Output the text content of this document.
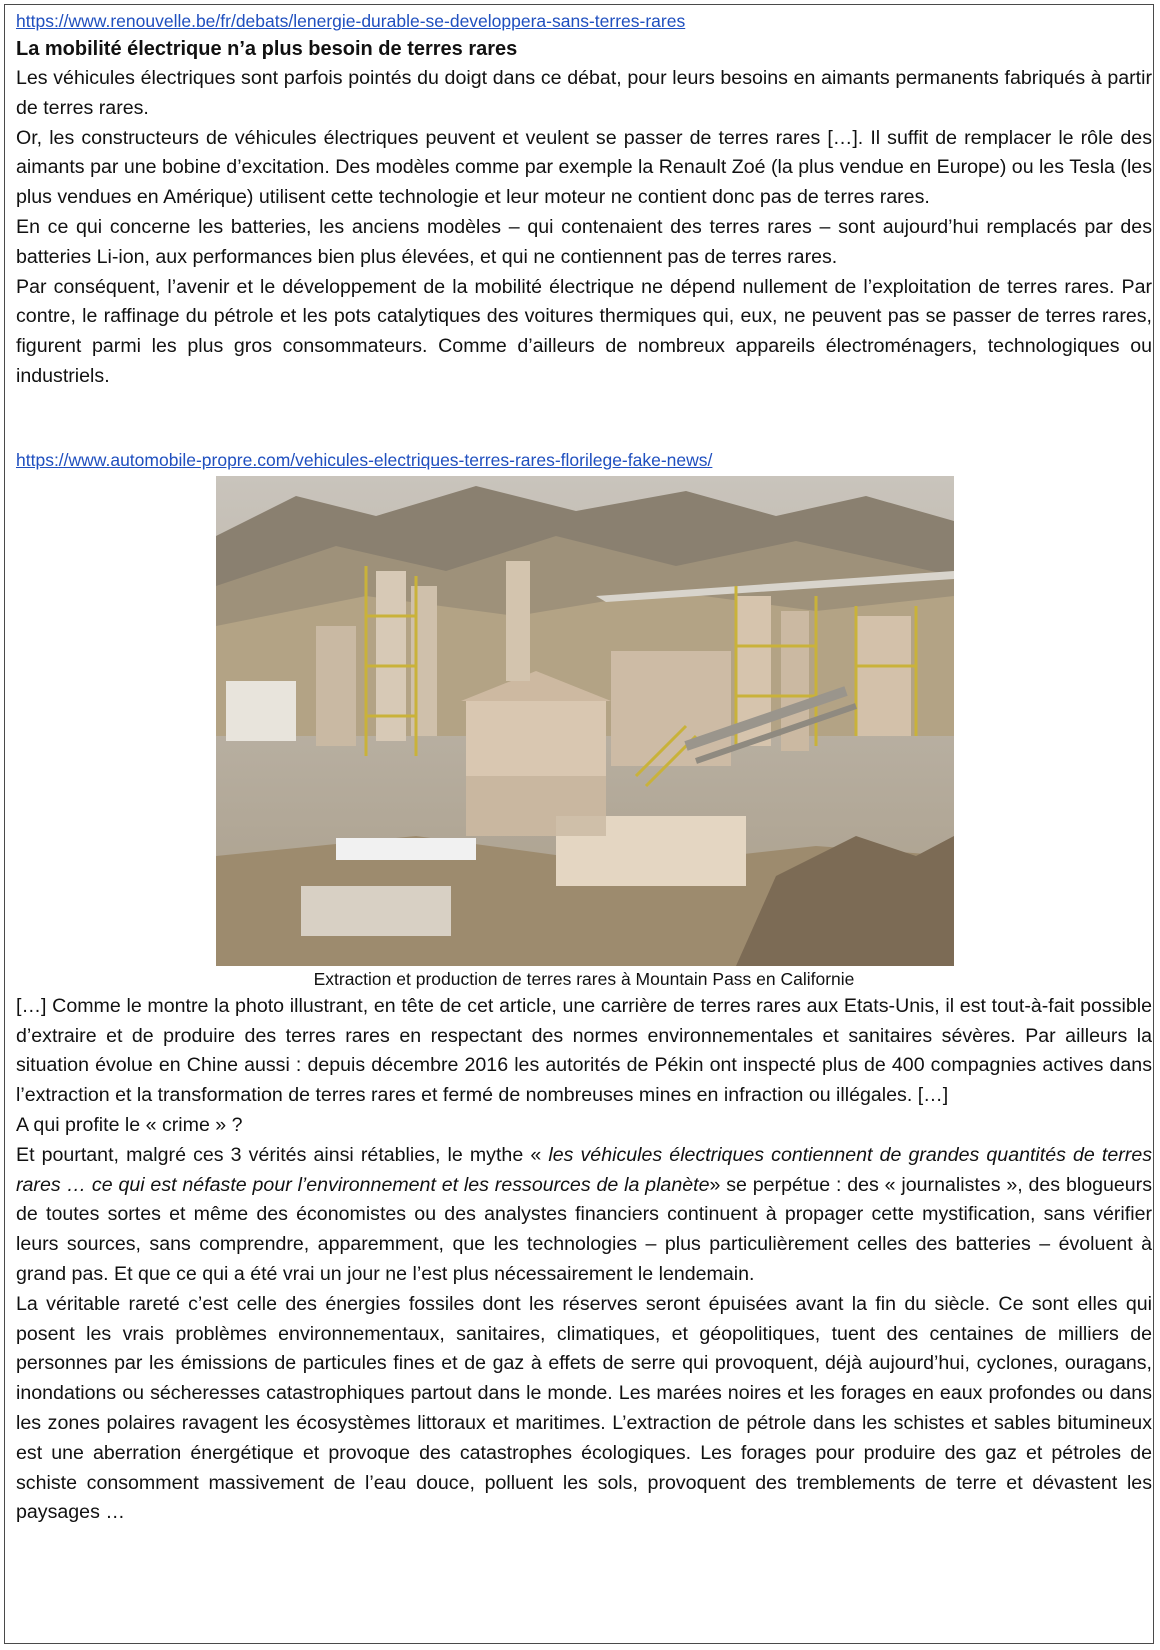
https://www.renouvelle.be/fr/debats/lenergie-durable-se-developpera-sans-terres-rares
La mobilité électrique n’a plus besoin de terres rares

Les véhicules électriques sont parfois pointés du doigt dans ce débat, pour leurs besoins en aimants permanents fabriqués à partir de terres rares.

Or, les constructeurs de véhicules électriques peuvent et veulent se passer de terres rares […]. Il suffit de remplacer le rôle des aimants par une bobine d’excitation. Des modèles comme par exemple la Renault Zoé (la plus vendue en Europe) ou les Tesla (les plus vendues en Amérique) utilisent cette technologie et leur moteur ne contient donc pas de terres rares.

En ce qui concerne les batteries, les anciens modèles – qui contenaient des terres rares – sont aujourd’hui remplacés par des batteries Li-ion, aux performances bien plus élevées, et qui ne contiennent pas de terres rares.

Par conséquent, l’avenir et le développement de la mobilité électrique ne dépend nullement de l’exploitation de terres rares. Par contre, le raffinage du pétrole et les pots catalytiques des voitures thermiques qui, eux, ne peuvent pas se passer de terres rares, figurent parmi les plus gros consommateurs. Comme d’ailleurs de nombreux appareils électroménagers, technologiques ou industriels.

https://www.automobile-propre.com/vehicules-electriques-terres-rares-florilege-fake-news/

Extraction et production de terres rares à Mountain Pass en Californie

[…] Comme le montre la photo illustrant, en tête de cet article, une carrière de terres rares aux Etats-Unis, il est tout-à-fait possible d’extraire et de produire des terres rares en respectant des normes environnementales et sanitaires sévères. Par ailleurs la situation évolue en Chine aussi : depuis décembre 2016 les autorités de Pékin ont inspecté plus de 400 compagnies actives dans l’extraction et la transformation de terres rares et fermé de nombreuses mines en infraction ou illégales. […]

A qui profite le « crime » ?

Et pourtant, malgré ces 3 vérités ainsi rétablies, le mythe « les véhicules électriques contiennent de grandes quantités de terres rares … ce qui est néfaste pour l’environnement et les ressources de la planète» se perpétue : des « journalistes », des blogueurs de toutes sortes et même des économistes ou des analystes financiers continuent à propager cette mystification, sans vérifier leurs sources, sans comprendre, apparemment, que les technologies – plus particulièrement celles des batteries – évoluent à grand pas. Et que ce qui a été vrai un jour ne l’est plus nécessairement le lendemain.

La véritable rareté c’est celle des énergies fossiles dont les réserves seront épuisées avant la fin du siècle. Ce sont elles qui posent les vrais problèmes environnementaux, sanitaires, climatiques, et géopolitiques, tuent des centaines de milliers de personnes par les émissions de particules fines et de gaz à effets de serre qui provoquent, déjà aujourd’hui, cyclones, ouragans, inondations ou sécheresses catastrophiques partout dans le monde. Les marées noires et les forages en eaux profondes ou dans les zones polaires ravagent les écosystèmes littoraux et maritimes. L’extraction de pétrole dans les schistes et sables bitumineux est une aberration énergétique et provoque des catastrophes écologiques. Les forages pour produire des gaz et pétroles de schiste consomment massivement de l’eau douce, polluent les sols, provoquent des tremblements de terre et dévastent les paysages …
